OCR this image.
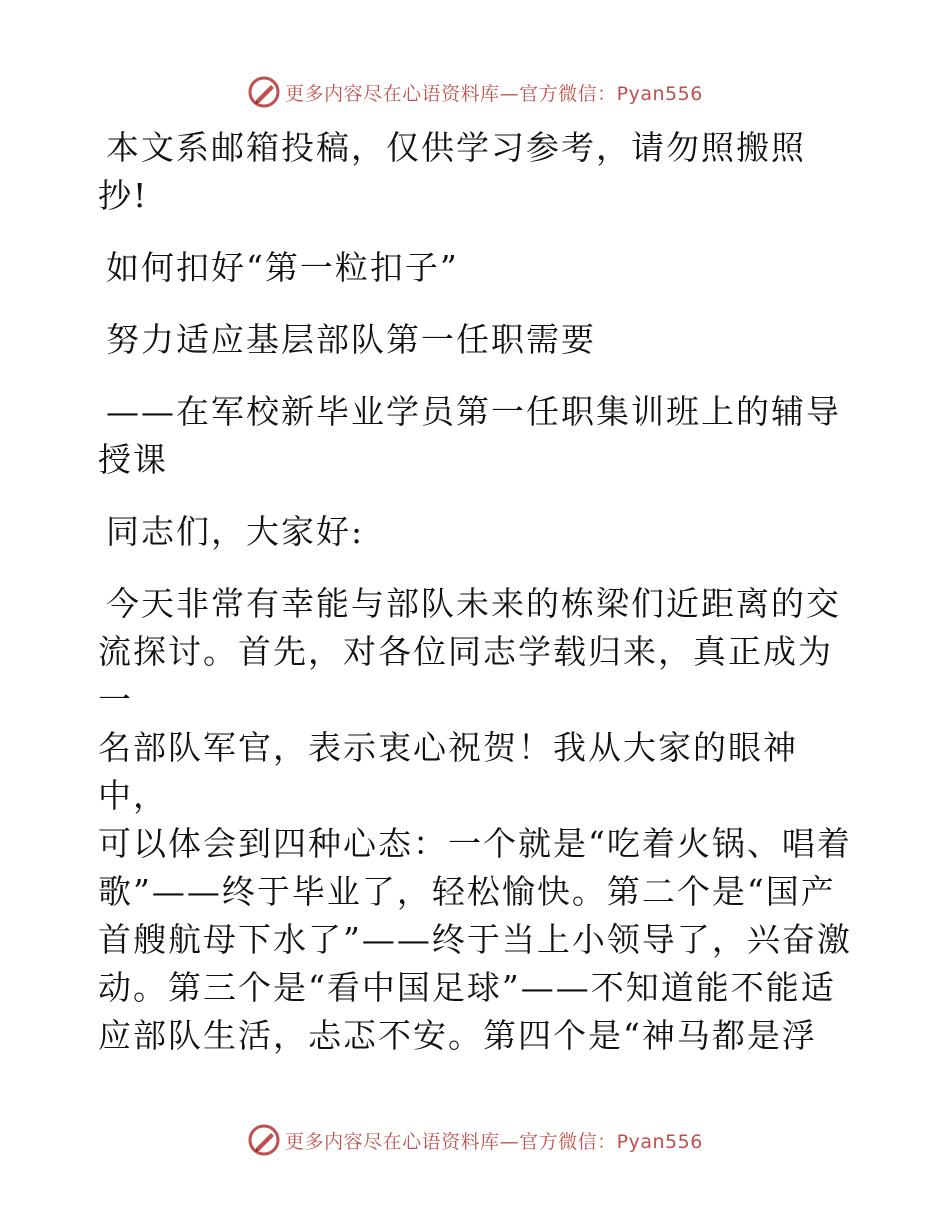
更多内容尽在心语资料库—官方微信：Pyan556

本文系邮箱投稿，仅供学习参考，请勿照搬照
抄!

如何扣好“第一粒扣子”

努力适应基层部队第一任职需要

——在军校新毕业学员第一任职集训班上的辅导
授课

同志们，大家好:

今天非常有幸能与部队未来的栋梁们近距离的交
流探讨。首先，对各位同志学载归来，真正成为一
名部队军官，表示衷心祝贺！我从大家的眼神中，
可以体会到四种心态：一个就是“吃着火锅、唱着
歌”——终于毕业了，轻松愉快。第二个是“国产
首艘航母下水了”——终于当上小领导了，兴奋激
动。第三个是“看中国足球”——不知道能不能适
应部队生活，忐忑不安。第四个是“神马都是浮

更多内容尽在心语资料库—官方微信：Pyan556
